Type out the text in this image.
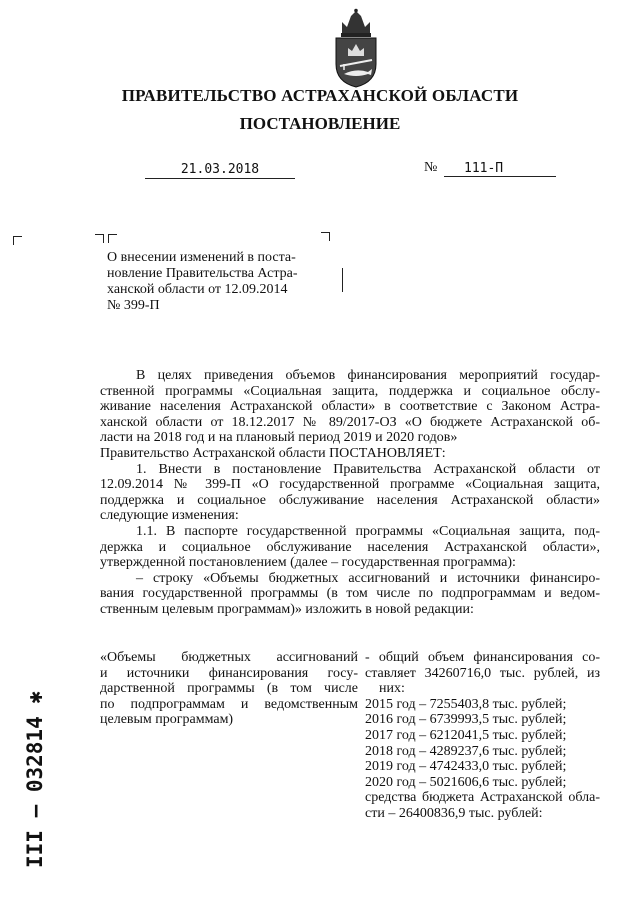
ПРАВИТЕЛЬСТВО АСТРАХАНСКОЙ ОБЛАСТИ
ПОСТАНОВЛЕНИЕ
21.03.2018	№	111-П
О внесении изменений в поста-
новление Правительства Астра-
ханской области от 12.09.2014
№ 399-П
В целях приведения объемов финансирования мероприятий государ-
ственной программы «Социальная защита, поддержка и социальное обслу-
живание населения Астраханской области» в соответствие с Законом Астра-
ханской области от 18.12.2017 № 89/2017-ОЗ «О бюджете Астраханской об-
ласти на 2018 год и на плановый период 2019 и 2020 годов»
Правительство Астраханской области ПОСТАНОВЛЯЕТ:
1. Внести в постановление Правительства Астраханской области от
12.09.2014 № 399-П «О государственной программе «Социальная защита,
поддержка и социальное обслуживание населения Астраханской области»
следующие изменения:
1.1. В паспорте государственной программы «Социальная защита, под-
держка и социальное обслуживание населения Астраханской области»,
утвержденной постановлением (далее – государственная программа):
– строку «Объемы бюджетных ассигнований и источники финансиро-
вания государственной программы (в том числе по подпрограммам и ведом-
ственным целевым программам)» изложить в новой редакции:
«Объемы бюджетных ассигнований
и источники финансирования госу-
дарственной программы (в том числе
по подпрограммам и ведомственным
целевым программам)
- общий объем финансирования со-
ставляет 34260716,0 тыс. рублей, из
них:
2015 год – 7255403,8 тыс. рублей;
2016 год – 6739993,5 тыс. рублей;
2017 год – 6212041,5 тыс. рублей;
2018 год – 4289237,6 тыс. рублей;
2019 год – 4742433,0 тыс. рублей;
2020 год – 5021606,6 тыс. рублей;
средства бюджета Астраханской обла-
сти – 26400836,9 тыс. рублей:
III – 032814 ✱
